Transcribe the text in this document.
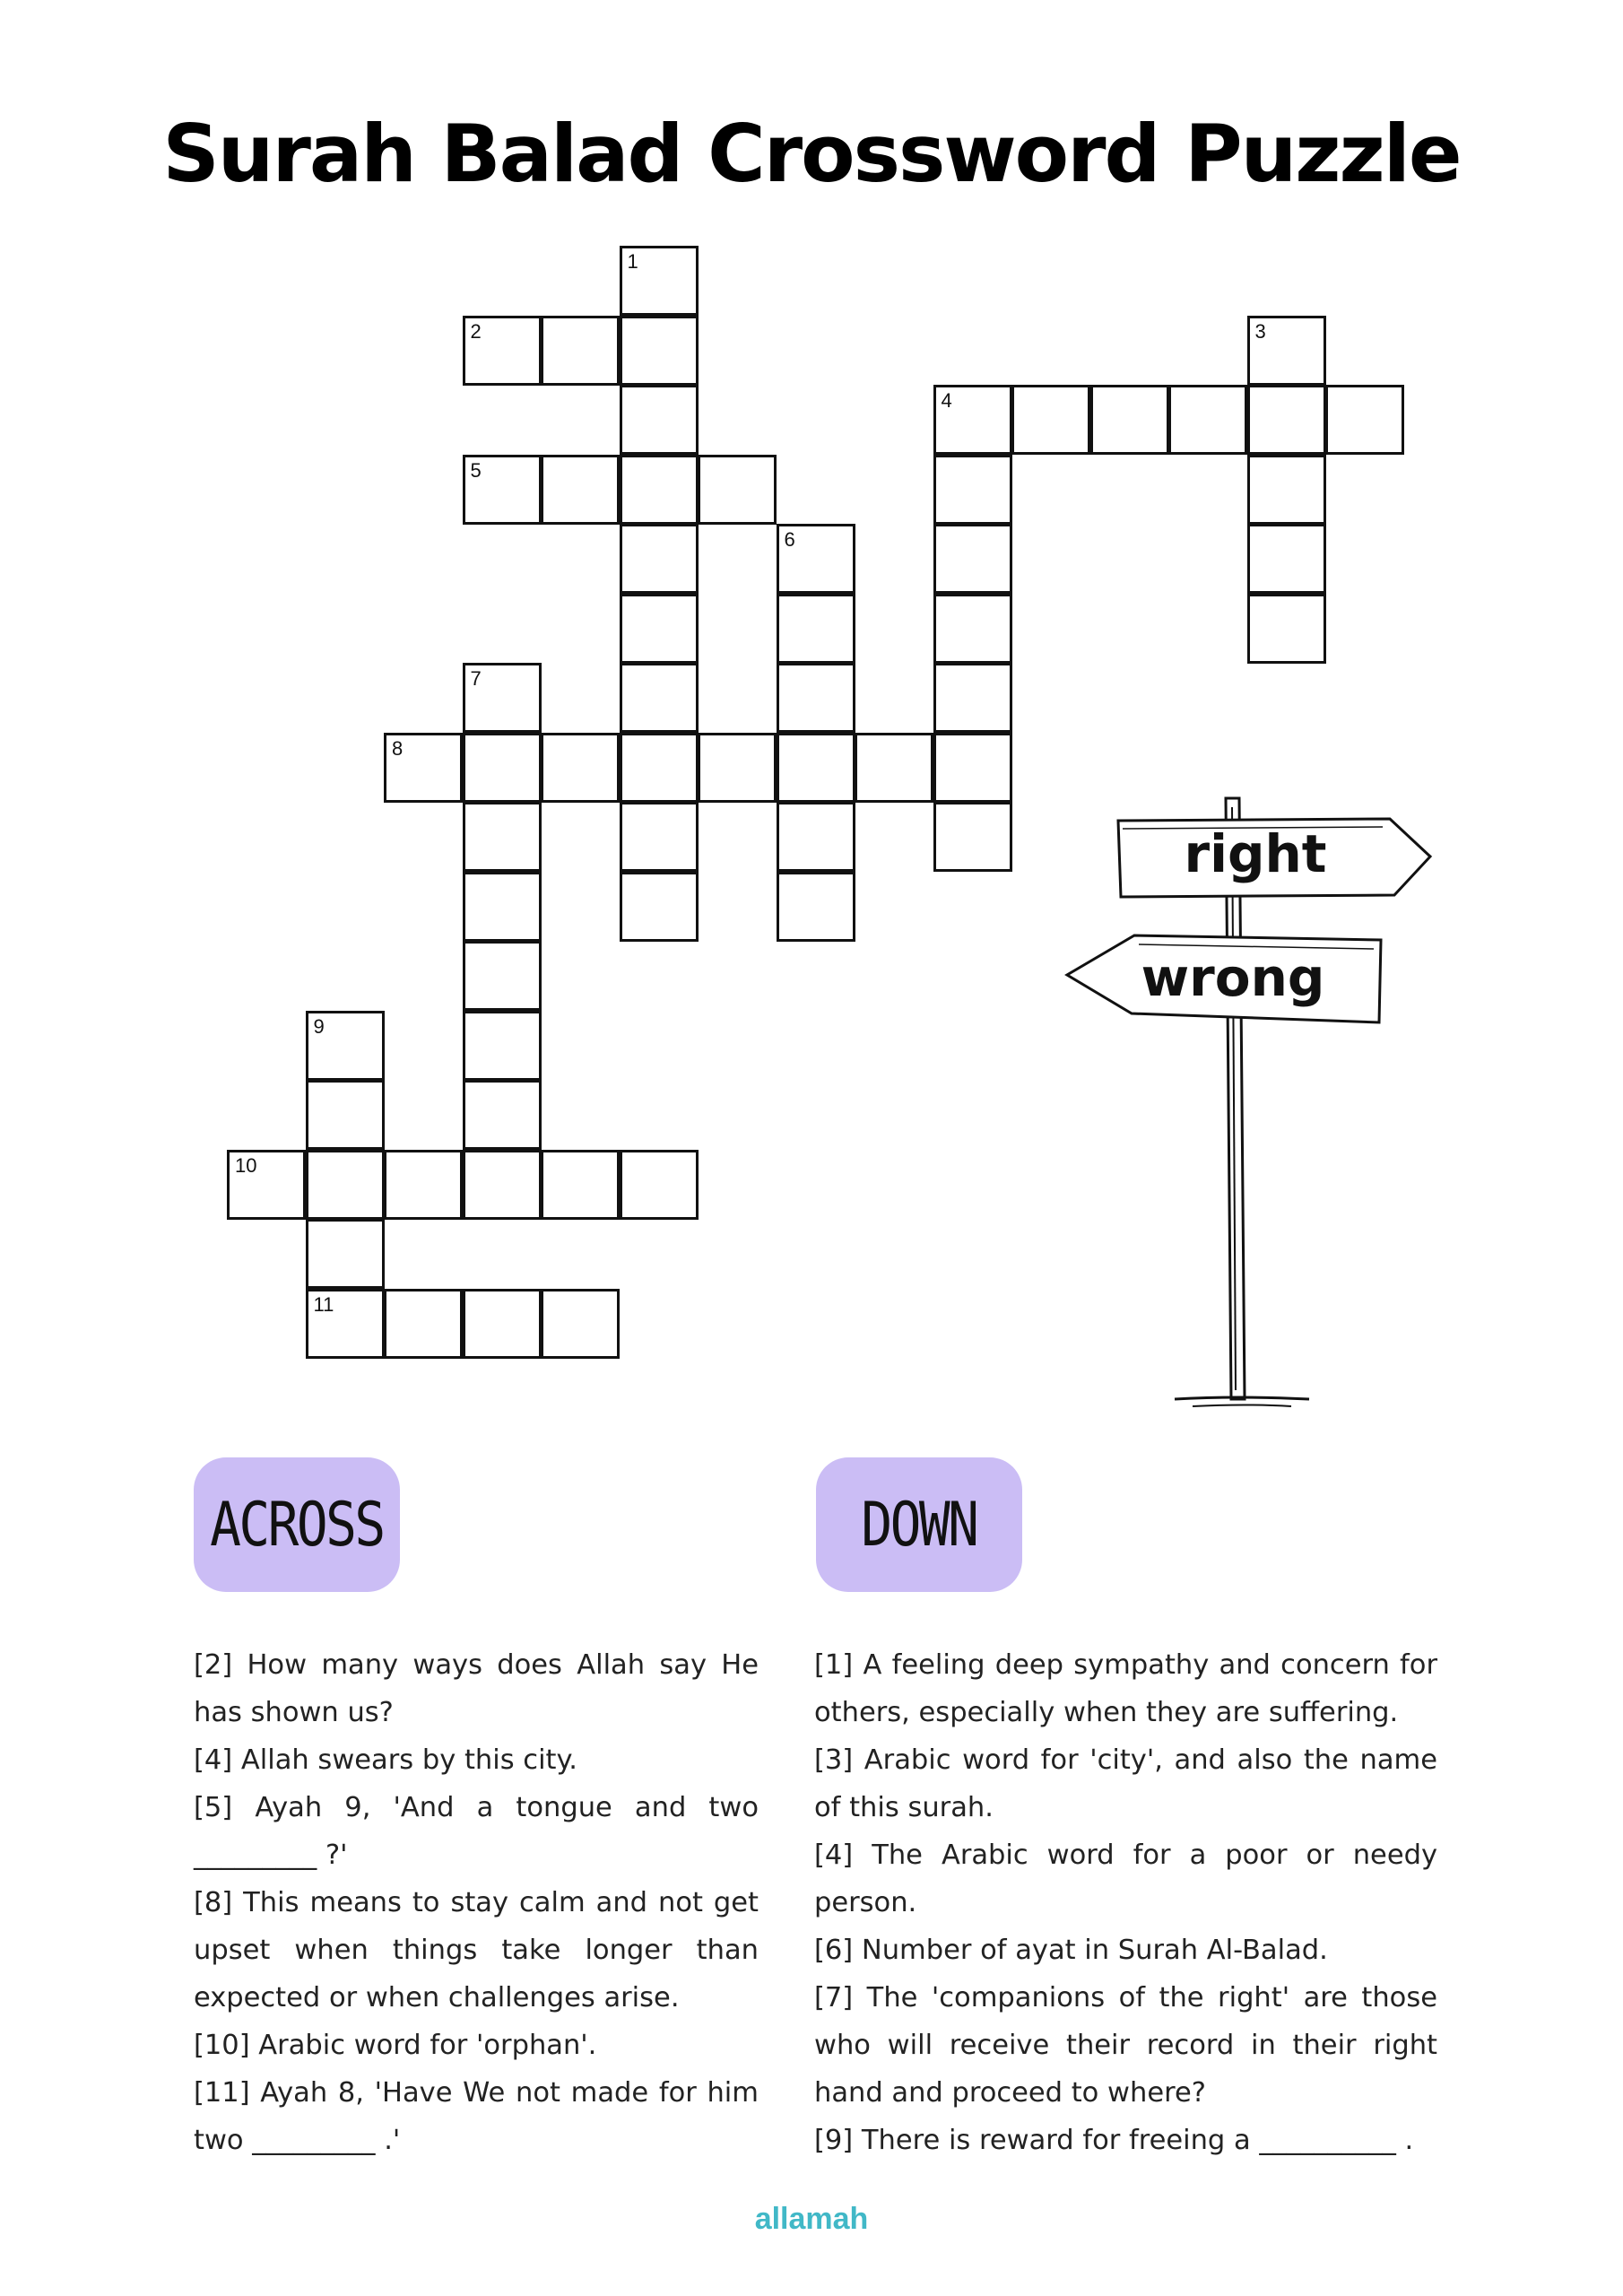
Surah Balad Crossword Puzzle
1
2	3
4
5
6
7
8
9
10
11
right
wrong
ACROSS	DOWN

[2] How many ways does Allah say He has shown us?

[4] Allah swears by this city.

[5] Ayah 9, 'And a tongue and two _________ ?'

[8] This means to stay calm and not get upset when things take longer than expected or when challenges arise.

[10] Arabic word for 'orphan'.

[11] Ayah 8, 'Have We not made for him two _________ .'

[1] A feeling deep sympathy and concern for others, especially when they are suffering.

[3] Arabic word for 'city', and also the name of this surah.

[4] The Arabic word for a poor or needy person.

[6] Number of ayat in Surah Al-Balad.

[7] The 'companions of the right' are those who will receive their record in their right hand and proceed to where?

[9] There is reward for freeing a __________ .

allamah
